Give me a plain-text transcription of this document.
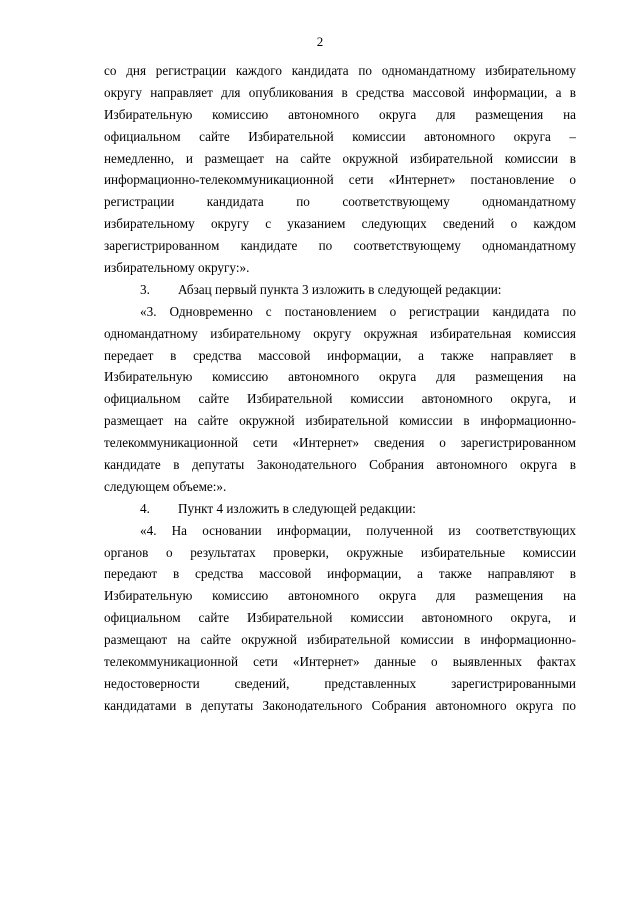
2
со дня регистрации каждого кандидата по одномандатному избирательному
округу направляет для опубликования в средства массовой информации, а в
Избирательную комиссию автономного округа для размещения на
официальном сайте Избирательной комиссии автономного округа –
немедленно, и размещает на сайте окружной избирательной комиссии в
информационно-телекоммуникационной сети «Интернет» постановление о
регистрации кандидата по соответствующему одномандатному
избирательному округу с указанием следующих сведений о каждом
зарегистрированном кандидате по соответствующему одномандатному
избирательному округу:».
3. Абзац первый пункта 3 изложить в следующей редакции:
«3. Одновременно с постановлением о регистрации кандидата по
одномандатному избирательному округу окружная избирательная комиссия
передает в средства массовой информации, а также направляет в
Избирательную комиссию автономного округа для размещения на
официальном сайте Избирательной комиссии автономного округа, и
размещает на сайте окружной избирательной комиссии в информационно-
телекоммуникационной сети «Интернет» сведения о зарегистрированном
кандидате в депутаты Законодательного Собрания автономного округа в
следующем объеме:».
4. Пункт 4 изложить в следующей редакции:
«4. На основании информации, полученной из соответствующих
органов о результатах проверки, окружные избирательные комиссии
передают в средства массовой информации, а также направляют в
Избирательную комиссию автономного округа для размещения на
официальном сайте Избирательной комиссии автономного округа, и
размещают на сайте окружной избирательной комиссии в информационно-
телекоммуникационной сети «Интернет» данные о выявленных фактах
недостоверности сведений, представленных зарегистрированными
кандидатами в депутаты Законодательного Собрания автономного округа по
